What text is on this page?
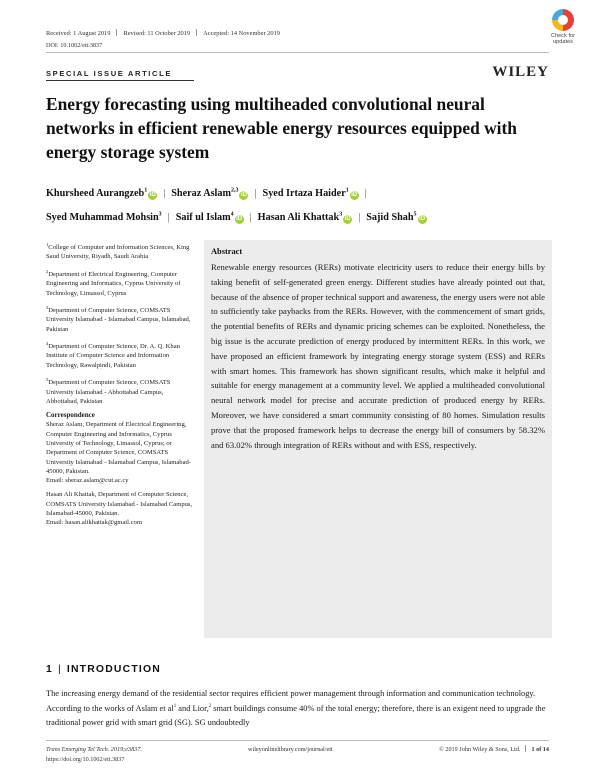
Received: 1 August 2019 Revised: 11 October 2019 Accepted: 14 November 2019
DOI: 10.1002/ett.3837
Check for updates
SPECIAL ISSUE ARTICLE	WILEY
Energy forecasting using multiheaded convolutional neural networks in efficient renewable energy resources equipped with energy storage system
Khursheed Aurangzeb$^1$iD | Sheraz Aslam$^{2,3}$iD | Syed Irtaza Haider$^1$iD |
Syed Muhammad Mohsin$^3$ | Saif ul Islam$^4$iD | Hasan Ali Khattak$^3$iD | Sajid Shah$^5$iD

$^1$College of Computer and Information Sciences, King Saud University, Riyadh, Saudi Arabia

$^2$Department of Electrical Engineering, Computer Engineering and Informatics, Cyprus University of Technology, Limassol, Cyprus

$^3$Department of Computer Science, COMSATS University Islamabad - Islamabad Campus, Islamabad, Pakistan

$^4$Department of Computer Science, Dr. A. Q. Khan Institute of Computer Science and Information Technology, Rawalpindi, Pakistan

$^5$Department of Computer Science, COMSATS University Islamabad - Abbottabad Campus, Abbottabad, Pakistan

Correspondence

Sheraz Aslam, Department of Electrical Engineering, Computer Engineering and Informatics, Cyprus University of Technology, Limassol, Cyprus; or Department of Computer Science, COMSATS University Islamabad - Islamabad Campus, Islamabad-45000, Pakistan.

Email: sheraz.aslam@cut.ac.cy

Hasan Ali Khattak, Department of Computer Science, COMSATS University Islamabad - Islamabad Campus, Islamabad-45000, Pakistan.

Email: hasan.alikhattak@gmail.com

Abstract
Renewable energy resources (RERs) motivate electricity users to reduce their energy bills by taking benefit of self-generated green energy. Different studies have already pointed out that, because of the absence of proper technical support and awareness, the energy users were not able to sufficiently take paybacks from the RERs. However, with the commencement of smart grids, the potential benefits of RERs and dynamic pricing schemes can be exploited. Nonetheless, the big issue is the accurate prediction of energy produced by intermittent RERs. In this work, we have proposed an efficient framework by integrating energy storage system (ESS) and RERs with smart homes. This framework has shown significant results, which make it helpful and suitable for energy management at a community level. We applied a multiheaded convolutional neural network model for precise and accurate prediction of produced energy by RERs. Moreover, we have considered a smart community consisting of 80 homes. Simulation results prove that the proposed framework helps to decrease the energy bill of consumers by 58.32% and 63.02% through integration of RERs without and with ESS, respectively.
1 | INTRODUCTION

The increasing energy demand of the residential sector requires efficient power management through information and communication technology. According to the works of Aslam et $al^1$ and Lior,$^2$ smart buildings consume 40% of the total energy; therefore, there is an exigent need to upgrade the traditional power grid with smart grid (SG). SG undoubtedly

Trans Emerging Tel Tech. 2019;e3837.
https://doi.org/10.1002/ett.3837
wileyonlinelibrary.com/journal/ett	© 2019 John Wiley & Sons, Ltd. 1 of 14
